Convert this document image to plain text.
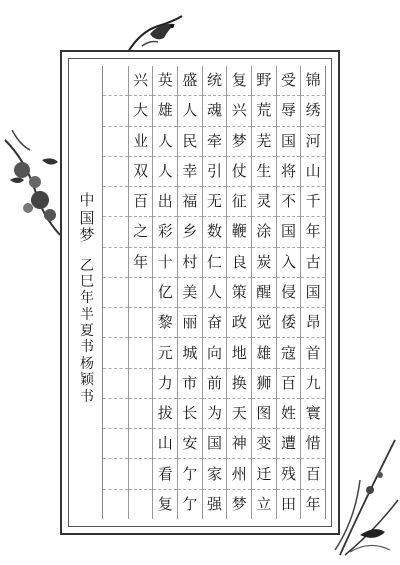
锦
绣
河
山
千
年
古
国
昂
首
九
寰
惜
百
年
受
辱
国
将
不
国
入
侵
倭
寇
百
姓
遭
残
田
野
荒
芜
生
灵
涂
炭
醒
觉
雄
狮
图
变
迁
立
复
兴
梦
仗
征
鞭
良
策
政
地
换
天
神
州
梦
统
魂
牵
引
无
数
仁
人
奋
向
前
为
国
家
强
盛
人
民
幸
福
乡
村
美
丽
城
市
长
安
亇
亇
英
雄
人
人
出
彩
十
亿
黎
元
力
拔
山
看
复
兴
大
业
双
百
之
年
中
国
梦
乙
巳
年
半
夏
书
杨
颖
书
